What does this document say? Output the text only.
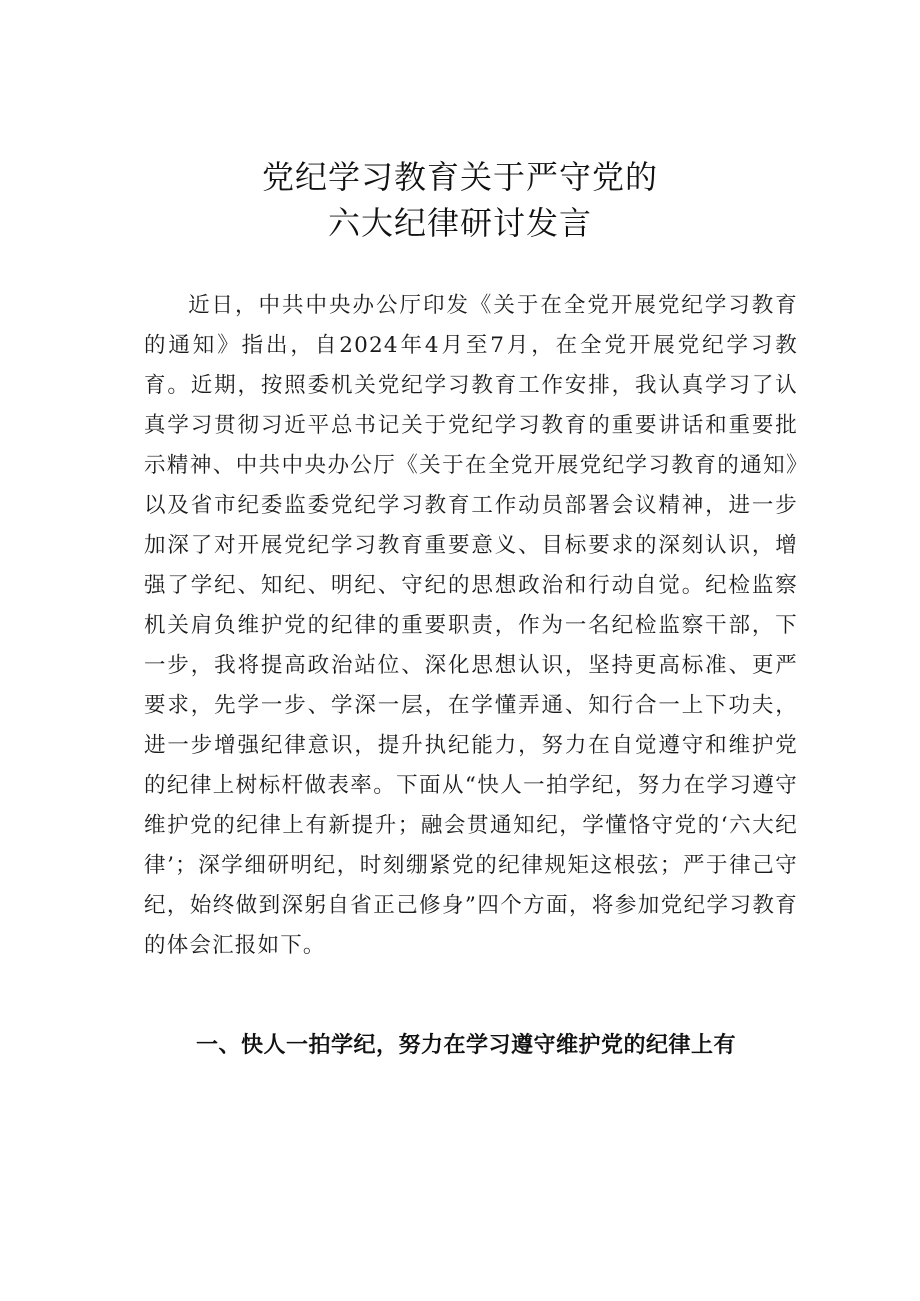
党纪学习教育关于严守党的
六大纪律研讨发言

近日，中共中央办公厅印发《关于在全党开展党纪学习教育的通知》指出，自2024年4月至7月，在全党开展党纪学习教育。近期，按照委机关党纪学习教育工作安排，我认真学习了认真学习贯彻习近平总书记关于党纪学习教育的重要讲话和重要批示精神、中共中央办公厅《关于在全党开展党纪学习教育的通知》以及省市纪委监委党纪学习教育工作动员部署会议精神，进一步加深了对开展党纪学习教育重要意义、目标要求的深刻认识，增强了学纪、知纪、明纪、守纪的思想政治和行动自觉。纪检监察机关肩负维护党的纪律的重要职责，作为一名纪检监察干部，下一步，我将提高政治站位、深化思想认识，坚持更高标准、更严要求，先学一步、学深一层，在学懂弄通、知行合一上下功夫，进一步增强纪律意识，提升执纪能力，努力在自觉遵守和维护党的纪律上树标杆做表率。下面从“快人一拍学纪，努力在学习遵守维护党的纪律上有新提升；融会贯通知纪，学懂恪守党的‘六大纪律’；深学细研明纪，时刻绷紧党的纪律规矩这根弦；严于律己守纪，始终做到深躬自省正己修身”四个方面，将参加党纪学习教育的体会汇报如下。

一、快人一拍学纪，努力在学习遵守维护党的纪律上有
